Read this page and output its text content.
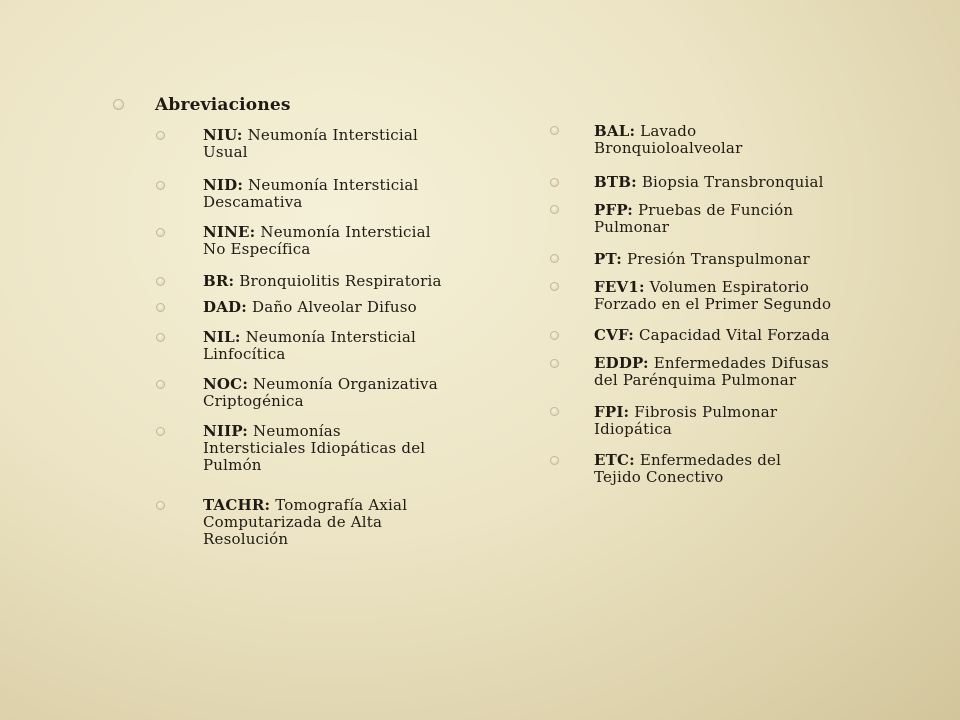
Abreviaciones
NIU: Neumonía Intersticial
Usual
NID: Neumonía Intersticial
Descamativa
NINE: Neumonía Intersticial
No Específica
BR: Bronquiolitis Respiratoria
DAD: Daño Alveolar Difuso
NIL: Neumonía Intersticial
Linfocítica
NOC: Neumonía Organizativa
Criptogénica
NIIP: Neumonías
Intersticiales Idiopáticas del
Pulmón
TACHR: Tomografía Axial
Computarizada de Alta
Resolución
BAL: Lavado
Bronquioloalveolar
BTB: Biopsia Transbronquial
PFP: Pruebas de Función
Pulmonar
PT: Presión Transpulmonar
FEV1: Volumen Espiratorio
Forzado en el Primer Segundo
CVF: Capacidad Vital Forzada
EDDP: Enfermedades Difusas
del Parénquima Pulmonar
FPI: Fibrosis Pulmonar
Idiopática
ETC: Enfermedades del
Tejido Conectivo
